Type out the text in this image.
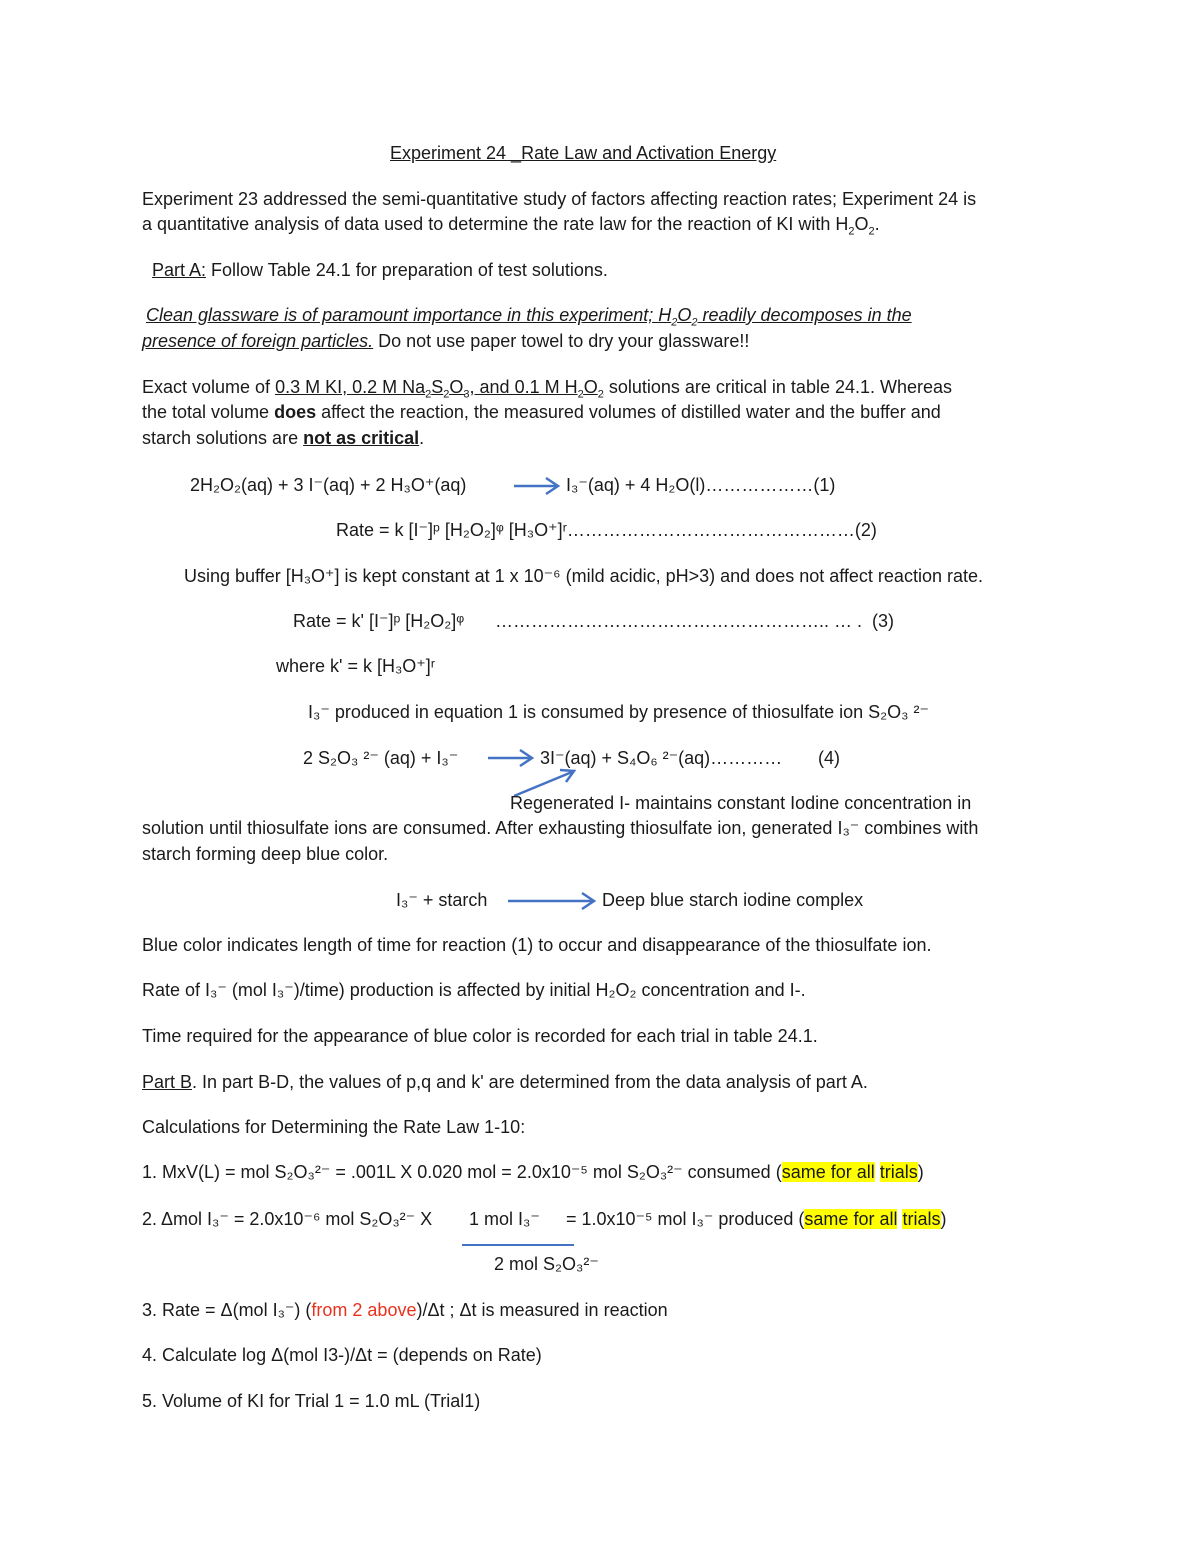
Experiment 24 _Rate Law and Activation Energy
Experiment 23 addressed the semi-quantitative study of factors affecting reaction rates; Experiment 24 is
a quantitative analysis of data used to determine the rate law for the reaction of KI with $H_2O_2$.
Part A: Follow Table 24.1 for preparation of test solutions.
Clean glassware is of paramount importance in this experiment; $H_2O_2$ readily decomposes in the
presence of foreign particles. Do not use paper towel to dry your glassware!!
Exact volume of 0.3 M KI, 0.2 M $Na_2S_2O_3$, and 0.1 M $H_2O_2$ solutions are critical in table 24.1. Whereas
the total volume does affect the reaction, the measured volumes of distilled water and the buffer and
starch solutions are not as critical.
2H₂O₂(aq) + 3 I⁻(aq) + 2 H₃O⁺(aq)	I₃⁻(aq) + 4 H₂O(l)………………(1)
Rate = k [I⁻]ᵖ [H₂O₂]ᵠ [H₃O⁺]ʳ…………………………………………(2)
Using buffer [H₃O⁺] is kept constant at 1 x 10⁻⁶ (mild acidic, pH>3) and does not affect reaction rate.
Rate = k' [I⁻]ᵖ [H₂O₂]ᵠ ……………………………………………….. … . (3)
where k' = k [H₃O⁺]ʳ
I₃⁻ produced in equation 1 is consumed by presence of thiosulfate ion S₂O₃ ²⁻
2 S₂O₃ ²⁻ (aq) + I₃⁻	3I⁻(aq) + S₄O₆ ²⁻(aq)………… (4)
Regenerated I- maintains constant Iodine concentration in
solution until thiosulfate ions are consumed. After exhausting thiosulfate ion, generated I₃⁻ combines with
starch forming deep blue color.
I₃⁻ + starch	Deep blue starch iodine complex
Blue color indicates length of time for reaction (1) to occur and disappearance of the thiosulfate ion.
Rate of I₃⁻ (mol I₃⁻)/time) production is affected by initial H₂O₂ concentration and I-.
Time required for the appearance of blue color is recorded for each trial in table 24.1.
Part B. In part B-D, the values of p,q and k' are determined from the data analysis of part A.
Calculations for Determining the Rate Law 1-10:
1. MxV(L) = mol S₂O₃²⁻ = .001L X 0.020 mol = 2.0x10⁻⁵ mol S₂O₃²⁻ consumed (same for all trials)
2. Δmol I₃⁻ = 2.0x10⁻⁶ mol S₂O₃²⁻ X 1 mol I₃⁻ = 1.0x10⁻⁵ mol I₃⁻ produced (same for all trials)
2 mol S₂O₃²⁻
3. Rate = Δ(mol I₃⁻) (from 2 above)/Δt ; Δt is measured in reaction
4. Calculate log Δ(mol I3-)/Δt = (depends on Rate)
5. Volume of KI for Trial 1 = 1.0 mL (Trial1)
